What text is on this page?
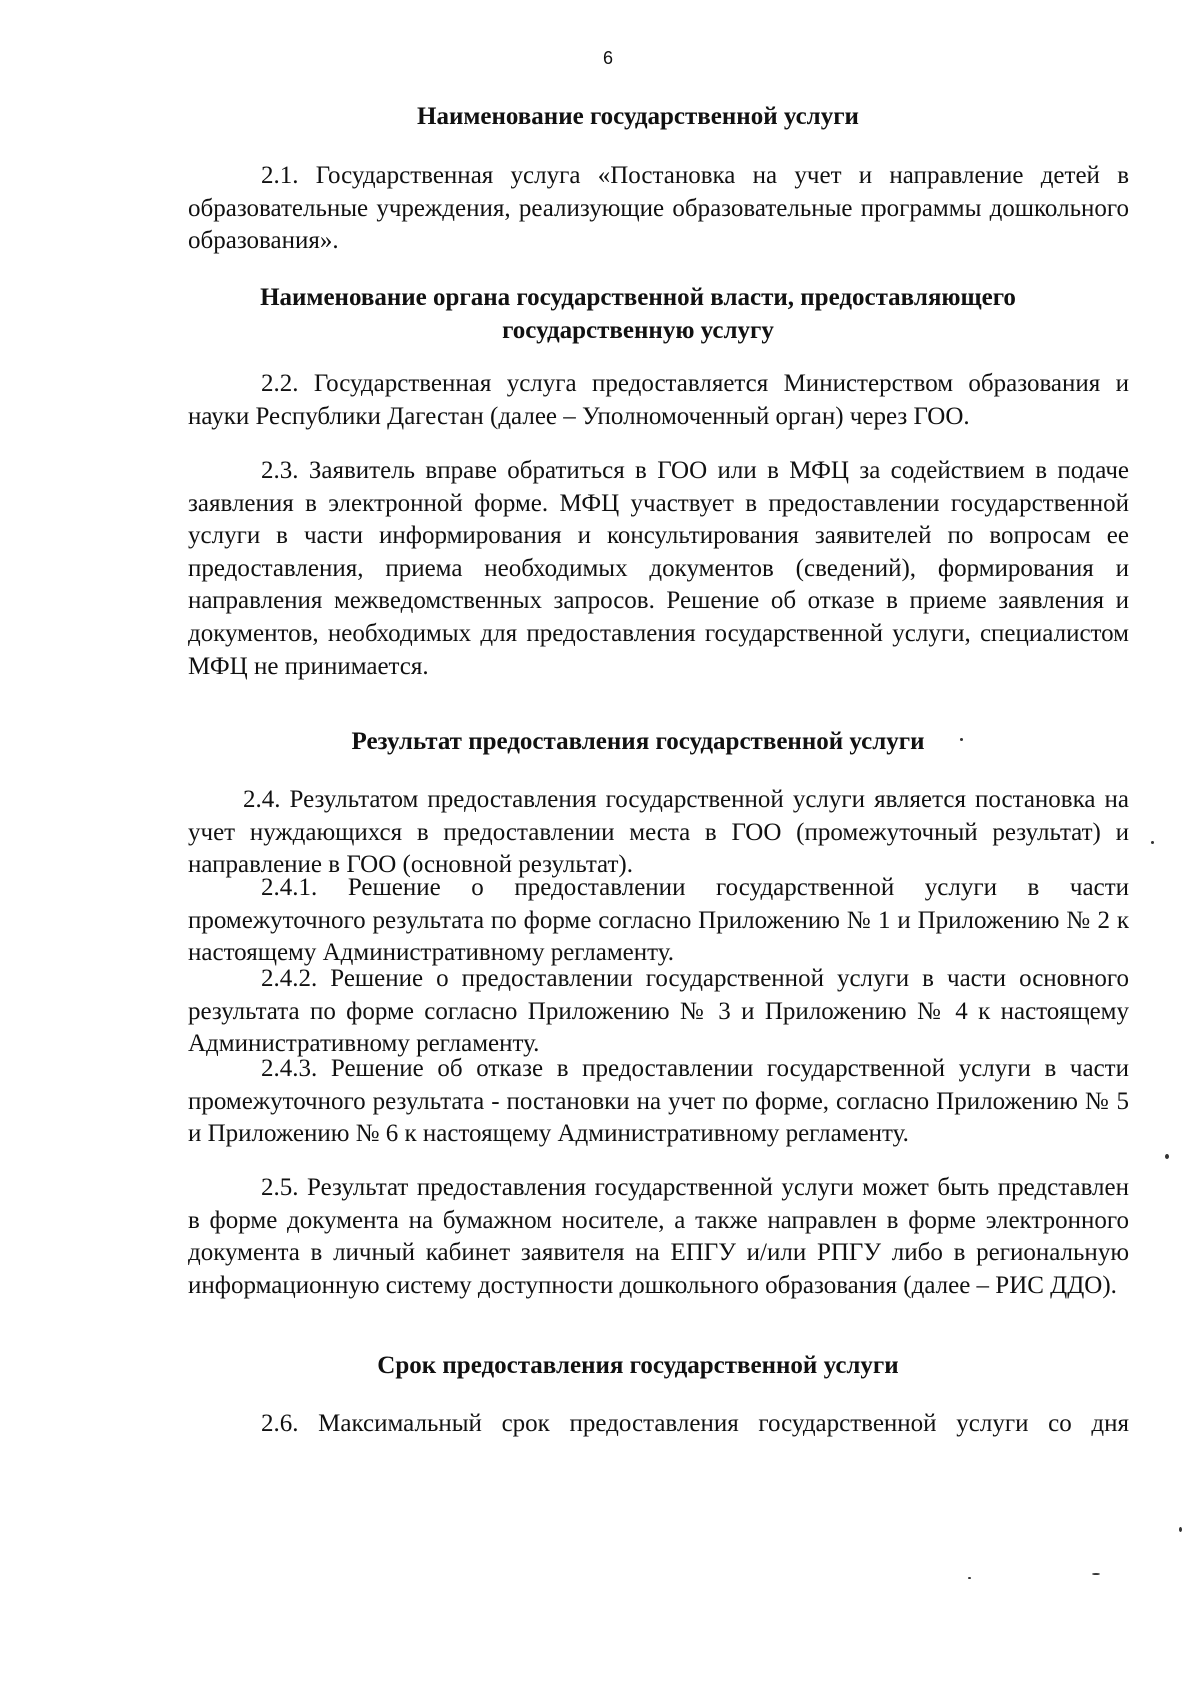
6
Наименование государственной услуги
2.1. Государственная услуга «Постановка на учет и направление детей в образовательные учреждения, реализующие образовательные программы дошкольного образования».
Наименование органа государственной власти, предоставляющего
государственную услугу
2.2. Государственная услуга предоставляется Министерством образования и науки Республики Дагестан (далее – Уполномоченный орган) через ГОО.
2.3. Заявитель вправе обратиться в ГОО или в МФЦ за содействием в подаче заявления в электронной форме. МФЦ участвует в предоставлении государственной услуги в части информирования и консультирования заявителей по вопросам ее предоставления, приема необходимых документов (сведений), формирования и направления межведомственных запросов. Решение об отказе в приеме заявления и документов, необходимых для предоставления государственной услуги, специалистом МФЦ не принимается.
Результат предоставления государственной услуги
2.4. Результатом предоставления государственной услуги является постановка на учет нуждающихся в предоставлении места в ГОО (промежуточный результат) и направление в ГОО (основной результат).
2.4.1. Решение о предоставлении государственной услуги в части промежуточного результата по форме согласно Приложению № 1 и Приложению № 2 к настоящему Административному регламенту.
2.4.2. Решение о предоставлении государственной услуги в части основного результата по форме согласно Приложению № 3 и Приложению № 4 к настоящему Административному регламенту.
2.4.3. Решение об отказе в предоставлении государственной услуги в части промежуточного результата - постановки на учет по форме, согласно Приложению № 5 и Приложению № 6 к настоящему Административному регламенту.
2.5. Результат предоставления государственной услуги может быть представлен в форме документа на бумажном носителе, а также направлен в форме электронного документа в личный кабинет заявителя на ЕПГУ и/или РПГУ либо в региональную информационную систему доступности дошкольного образования (далее – РИС ДДО).
Срок предоставления государственной услуги
2.6. Максимальный срок предоставления государственной услуги со дня
